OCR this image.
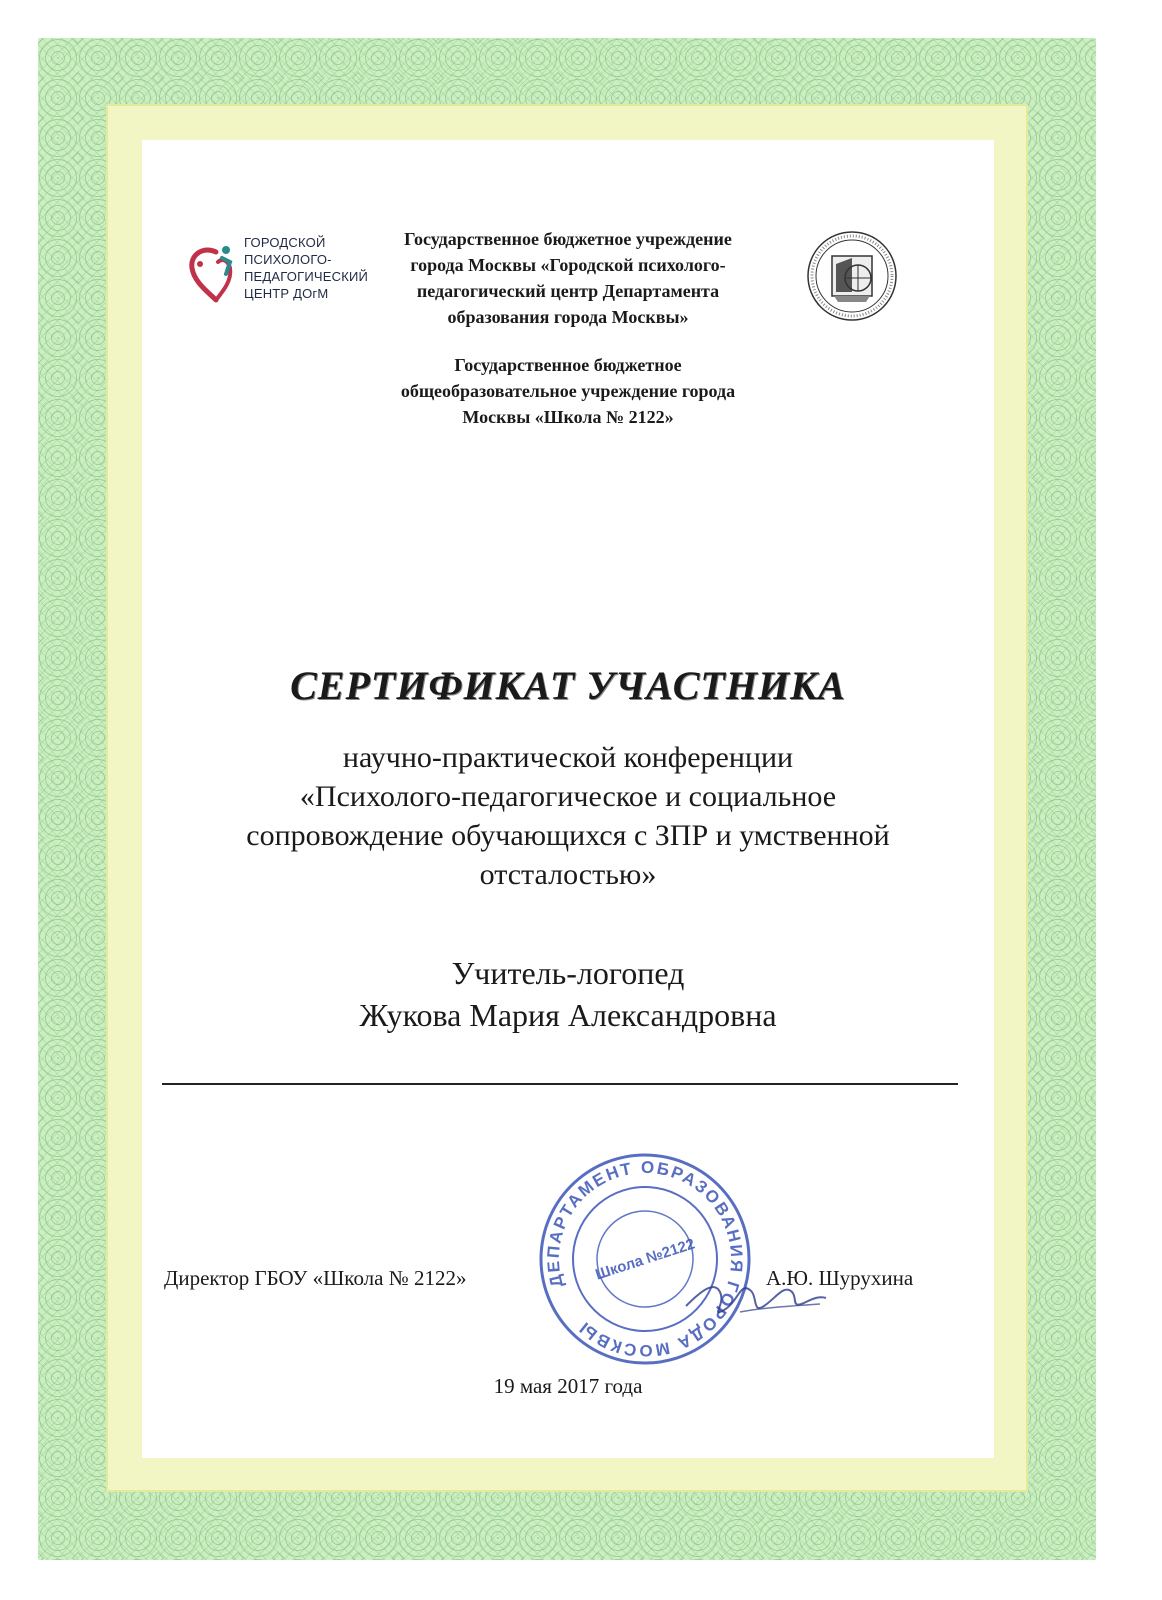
ГОРОДСКОЙ
ПСИХОЛОГО-
ПЕДАГОГИЧЕСКИЙ
ЦЕНТР ДОгМ
Государственное бюджетное учреждение
города Москвы «Городской психолого-
педагогический центр Департамента
образования города Москвы»
Государственное бюджетное
общеобразовательное учреждение города
Москвы «Школа № 2122»
СЕРТИФИКАТ УЧАСТНИКА
научно-практической конференции
«Психолого-педагогическое и социальное
сопровождение обучающихся с ЗПР и умственной
отсталостью»
Учитель-логопед
Жукова Мария Александровна
ДЕПАРТАМЕНТ ОБРАЗОВАНИЯ ГОРОДА МОСКВЫ
Школа №2122
Директор ГБОУ «Школа № 2122»	А.Ю. Шурухина
19 мая 2017 года
